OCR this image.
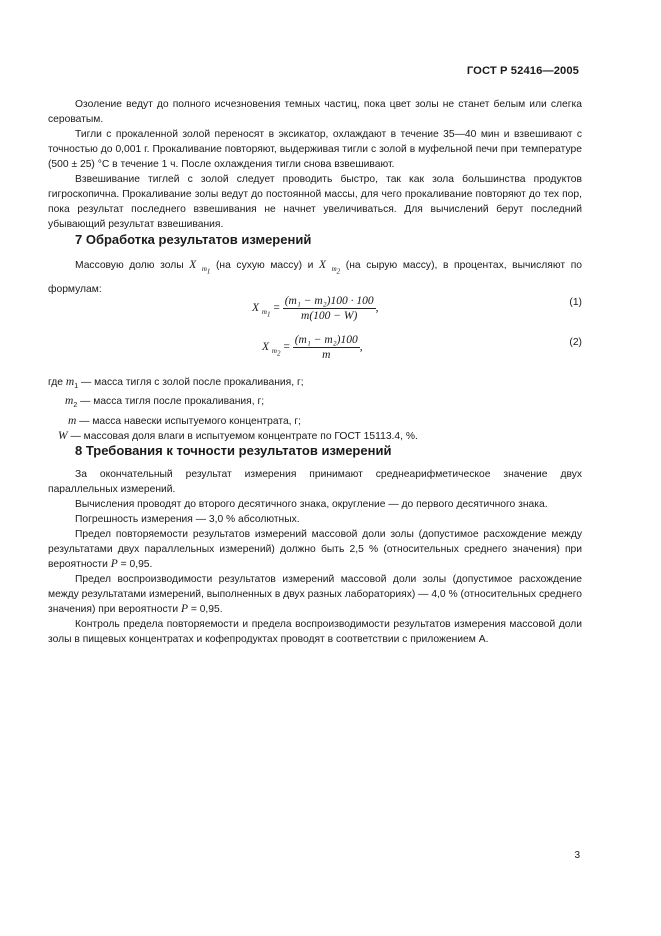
ГОСТ Р 52416—2005
Озоление ведут до полного исчезновения темных частиц, пока цвет золы не станет белым или слегка сероватым.
Тигли с прокаленной золой переносят в эксикатор, охлаждают в течение 35—40 мин и взвешивают с точностью до 0,001 г. Прокаливание повторяют, выдерживая тигли с золой в муфельной печи при температуре (500 ± 25) °С в течение 1 ч. После охлаждения тигли снова взвешивают.
Взвешивание тиглей с золой следует проводить быстро, так как зола большинства продуктов гигроскопична. Прокаливание золы ведут до постоянной массы, для чего прокаливание повторяют до тех пор, пока результат последнего взвешивания не начнет увеличиваться. Для вычислений берут последний убывающий результат взвешивания.
7 Обработка результатов измерений
Массовую долю золы X $_{m_1}$ (на сухую массу) и X $_{m_2}$ (на сырую массу), в процентах, вычисляют по формулам:
X $_{m_1} = \frac{\text{(m₁ − m₂)100 · 100}}{m(100 - W)}$ ,	(1)
X $_{m_2} = \frac{\text{(m₁ − m₂)100}}{m}$ ,	(2)
где $m_1$ — масса тигля с золой после прокаливания, г;
$m_2$ — масса тигля после прокаливания, г;
m — масса навески испытуемого концентрата, г;
W — массовая доля влаги в испытуемом концентрате по ГОСТ 15113.4, %.
8 Требования к точности результатов измерений
За окончательный результат измерения принимают среднеарифметическое значение двух параллельных измерений.
Вычисления проводят до второго десятичного знака, округление — до первого десятичного знака.
Погрешность измерения — 3,0 % абсолютных.
Предел повторяемости результатов измерений массовой доли золы (допустимое расхождение между результатами двух параллельных измерений) должно быть 2,5 % (относительных среднего значения) при вероятности P = 0,95.
Предел воспроизводимости результатов измерений массовой доли золы (допустимое расхождение между результатами измерений, выполненных в двух разных лабораториях) — 4,0 % (относительных среднего значения) при вероятности P = 0,95.
Контроль предела повторяемости и предела воспроизводимости результатов измерения массовой доли золы в пищевых концентратах и кофепродуктах проводят в соответствии с приложением А.
3
